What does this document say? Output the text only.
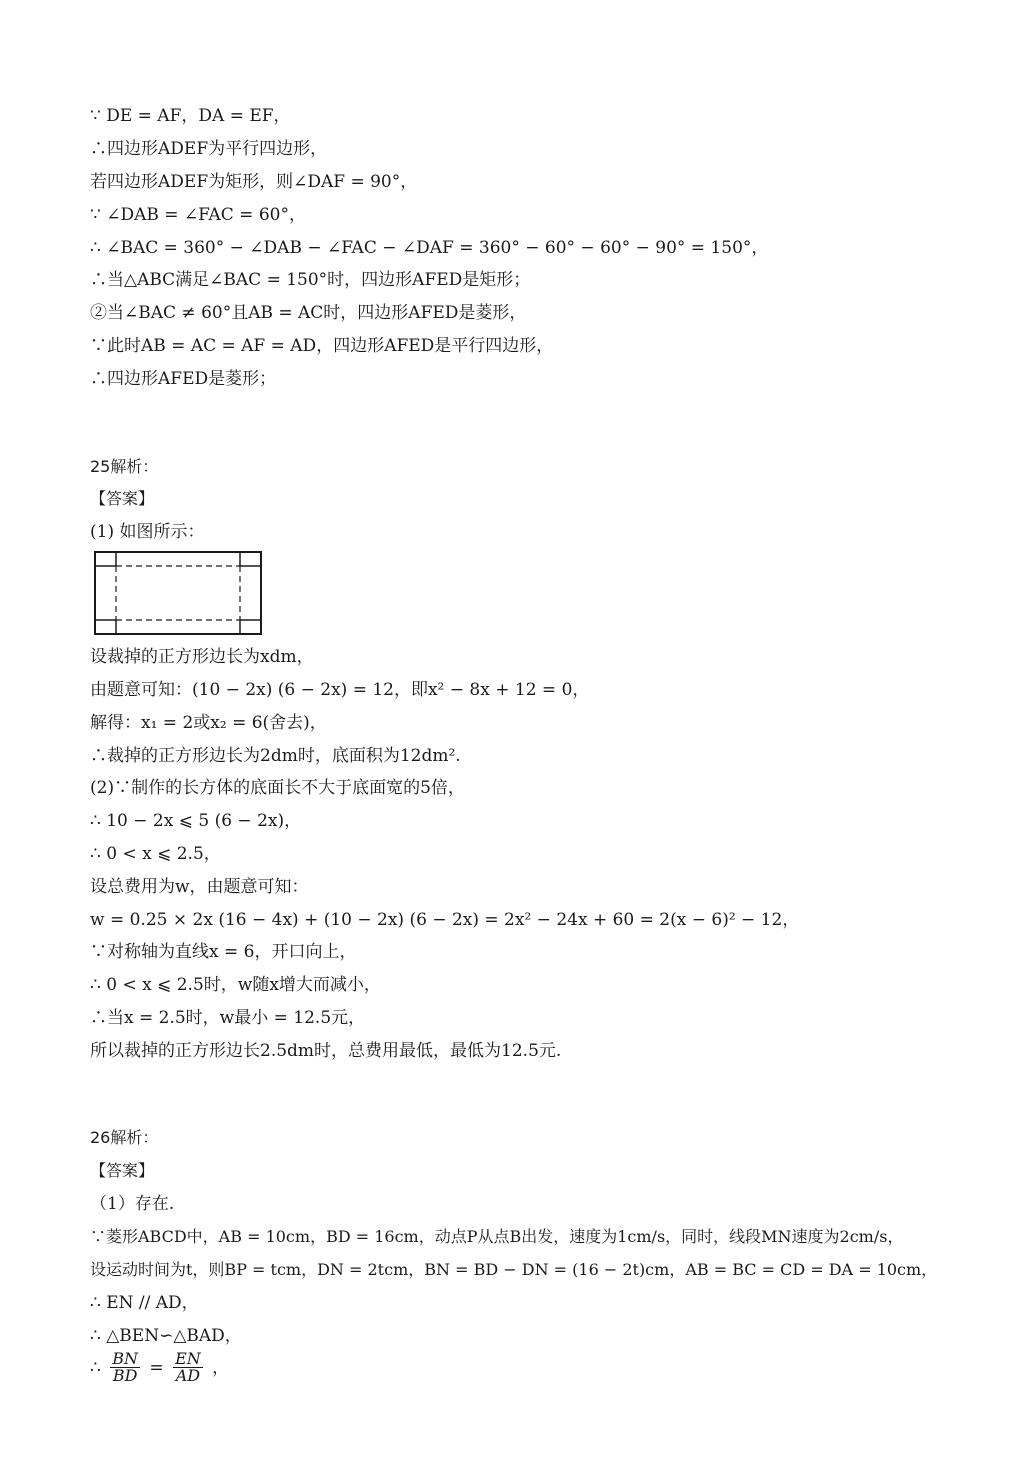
∵ DE = AF，DA = EF，
∴四边形ADEF为平行四边形，
若四边形ADEF为矩形，则∠DAF = 90°，
∵ ∠DAB = ∠FAC = 60°，
∴ ∠BAC = 360° − ∠DAB − ∠FAC − ∠DAF = 360° − 60° − 60° − 90° = 150°，
∴当△ABC满足∠BAC = 150°时，四边形AFED是矩形；
②当∠BAC ≠ 60°且AB = AC时，四边形AFED是菱形，
∵此时AB = AC = AF = AD，四边形AFED是平行四边形，
∴四边形AFED是菱形；
25解析：
【答案】
(1) 如图所示：
设裁掉的正方形边长为xdm，
由题意可知：(10 − 2x) (6 − 2x) = 12，即x² − 8x + 12 = 0，
解得：x₁ = 2或x₂ = 6(舍去)，
∴裁掉的正方形边长为2dm时，底面积为12dm².
(2)∵制作的长方体的底面长不大于底面宽的5倍，
∴ 10 − 2x ⩽ 5 (6 − 2x)，
∴ 0 < x ⩽ 2.5，
设总费用为w，由题意可知：
w = 0.25 × 2x (16 − 4x) + (10 − 2x) (6 − 2x) = 2x² − 24x + 60 = 2(x − 6)² − 12，
∵对称轴为直线x = 6，开口向上，
∴ 0 < x ⩽ 2.5时，w随x增大而减小，
∴当x = 2.5时，w最小 = 12.5元，
所以裁掉的正方形边长2.5dm时，总费用最低，最低为12.5元.
26解析：
【答案】
（1）存在.
∵菱形ABCD中，AB = 10cm，BD = 16cm，动点P从点B出发，速度为1cm/s，同时，线段MN速度为2cm/s，
设运动时间为t，则BP = tcm，DN = 2tcm，BN = BD − DN = (16 − 2t)cm，AB = BC = CD = DA = 10cm，
∴ EN // AD，
∴ △BEN∽△BAD，
∴ $\frac{BN}{BD} = \frac{EN}{AD}$ ，
